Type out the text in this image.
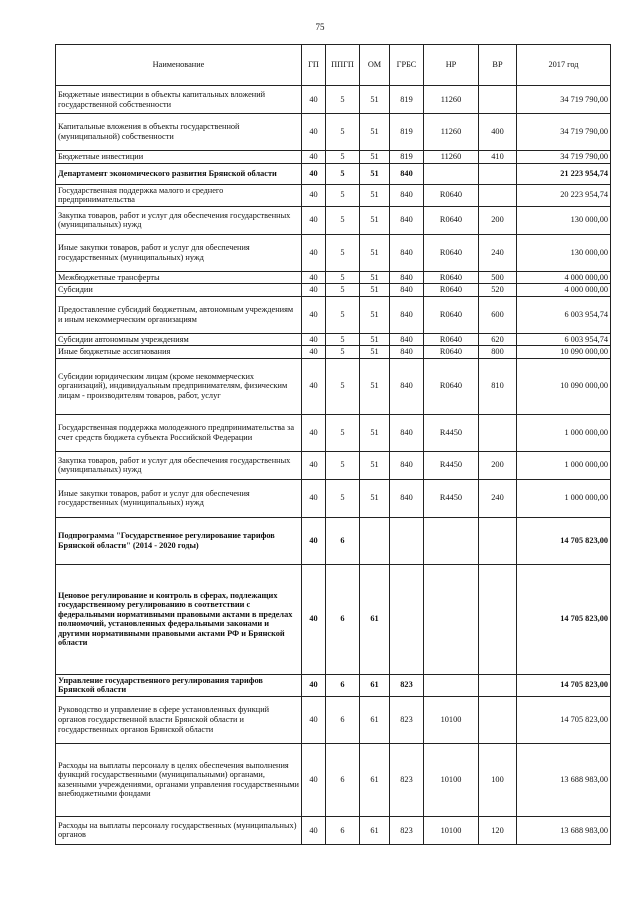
75
Наименование	ГП	ППГП	ОМ	ГРБС	НР	ВР	2017 год
Бюджетные инвестиции в объекты капитальных вложений государственной собственности	40	5	51	819	11260		34 719 790,00
Капитальные вложения в объекты государственной (муниципальной) собственности	40	5	51	819	11260	400	34 719 790,00
Бюджетные инвестиции	40	5	51	819	11260	410	34 719 790,00
Департамент экономического развития Брянской области	40	5	51	840			21 223 954,74
Государственная поддержка малого и среднего предпринимательства	40	5	51	840	R0640		20 223 954,74
Закупка товаров, работ и услуг для обеспечения государственных (муниципальных) нужд	40	5	51	840	R0640	200	130 000,00
Иные закупки товаров, работ и услуг для обеспечения государственных (муниципальных) нужд	40	5	51	840	R0640	240	130 000,00
Межбюджетные трансферты	40	5	51	840	R0640	500	4 000 000,00
Субсидии	40	5	51	840	R0640	520	4 000 000,00
Предоставление субсидий бюджетным, автономным учреждениям и иным некоммерческим организациям	40	5	51	840	R0640	600	6 003 954,74
Субсидии автономным учреждениям	40	5	51	840	R0640	620	6 003 954,74
Иные бюджетные ассигнования	40	5	51	840	R0640	800	10 090 000,00
Субсидии юридическим лицам (кроме некоммерческих организаций), индивидуальным предпринимателям, физическим лицам - производителям товаров, работ, услуг	40	5	51	840	R0640	810	10 090 000,00
Государственная поддержка молодежного предпринимательства за счет средств бюджета субъекта Российской Федерации	40	5	51	840	R4450		1 000 000,00
Закупка товаров, работ и услуг для обеспечения государственных (муниципальных) нужд	40	5	51	840	R4450	200	1 000 000,00
Иные закупки товаров, работ и услуг для обеспечения государственных (муниципальных) нужд	40	5	51	840	R4450	240	1 000 000,00
Подпрограмма "Государственное регулирование тарифов Брянской области" (2014 - 2020 годы)	40	6					14 705 823,00
Ценовое регулирование и контроль в сферах, подлежащих государственному регулированию в соответствии с федеральными нормативными правовыми актами в пределах полномочий, установленных федеральными законами и другими нормативными правовыми актами РФ и Брянской области	40	6	61				14 705 823,00
Управление государственного регулирования тарифов Брянской области	40	6	61	823			14 705 823,00
Руководство и управление в сфере установленных функций органов государственной власти Брянской области и государственных органов Брянской области	40	6	61	823	10100		14 705 823,00
Расходы на выплаты персоналу в целях обеспечения выполнения функций государственными (муниципальными) органами, казенными учреждениями, органами управления государственными внебюджетными фондами	40	6	61	823	10100	100	13 688 983,00
Расходы на выплаты персоналу государственных (муниципальных) органов	40	6	61	823	10100	120	13 688 983,00
